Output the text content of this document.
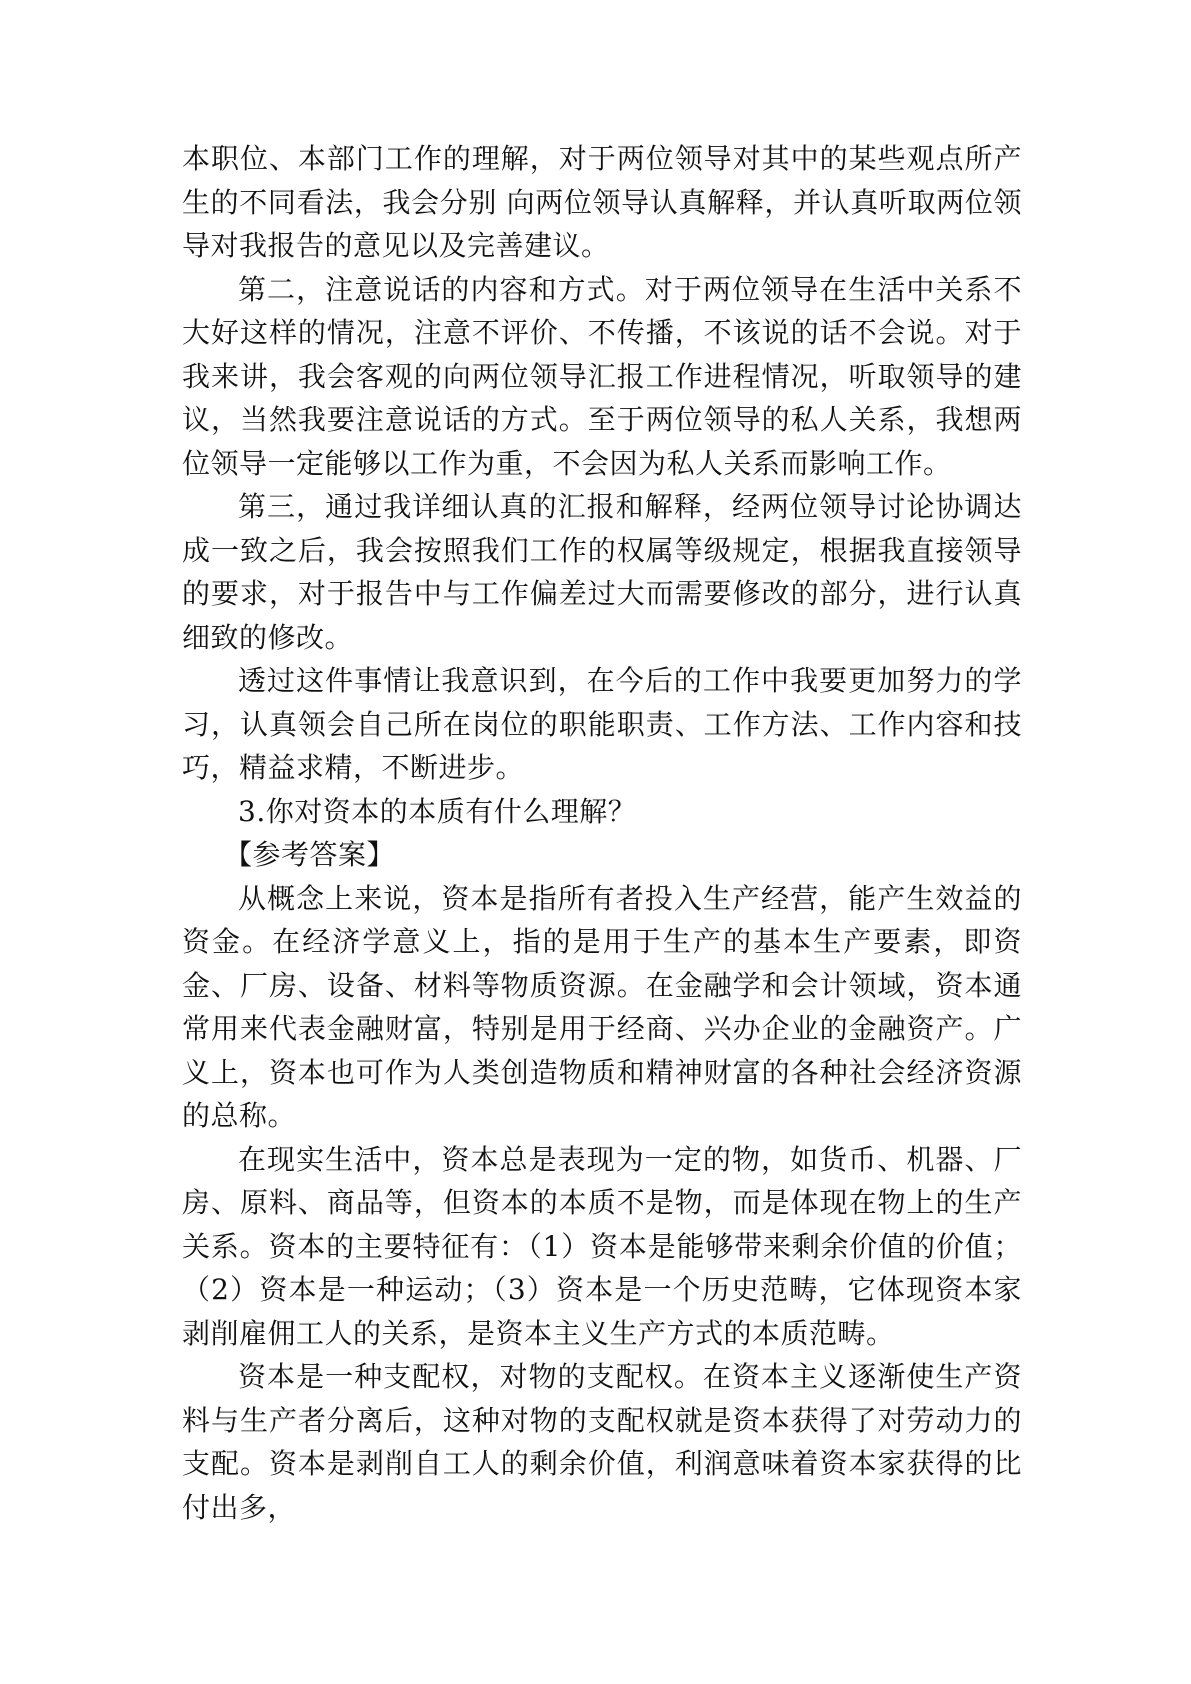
本职位、本部门工作的理解，对于两位领导对其中的某些观点所产生的不同看法，我会分别 向两位领导认真解释，并认真听取两位领导对我报告的意见以及完善建议。

第二，注意说话的内容和方式。对于两位领导在生活中关系不大好这样的情况，注意不评价、不传播，不该说的话不会说。对于我来讲，我会客观的向两位领导汇报工作进程情况，听取领导的建议，当然我要注意说话的方式。至于两位领导的私人关系，我想两位领导一定能够以工作为重，不会因为私人关系而影响工作。

第三，通过我详细认真的汇报和解释，经两位领导讨论协调达成一致之后，我会按照我们工作的权属等级规定，根据我直接领导的要求，对于报告中与工作偏差过大而需要修改的部分，进行认真细致的修改。

透过这件事情让我意识到，在今后的工作中我要更加努力的学习，认真领会自己所在岗位的职能职责、工作方法、工作内容和技巧，精益求精，不断进步。

3.你对资本的本质有什么理解？

【参考答案】

从概念上来说，资本是指所有者投入生产经营，能产生效益的资金。在经济学意义上，指的是用于生产的基本生产要素，即资金、厂房、设备、材料等物质资源。在金融学和会计领域，资本通常用来代表金融财富，特别是用于经商、兴办企业的金融资产。广义上，资本也可作为人类创造物质和精神财富的各种社会经济资源的总称。

在现实生活中，资本总是表现为一定的物，如货币、机器、厂房、原料、商品等，但资本的本质不是物，而是体现在物上的生产关系。资本的主要特征有：（1）资本是能够带来剩余价值的价值；（2）资本是一种运动；（3）资本是一个历史范畴，它体现资本家剥削雇佣工人的关系，是资本主义生产方式的本质范畴。

资本是一种支配权，对物的支配权。在资本主义逐渐使生产资料与生产者分离后，这种对物的支配权就是资本获得了对劳动力的支配。资本是剥削自工人的剩余价值，利润意味着资本家获得的比付出多，
